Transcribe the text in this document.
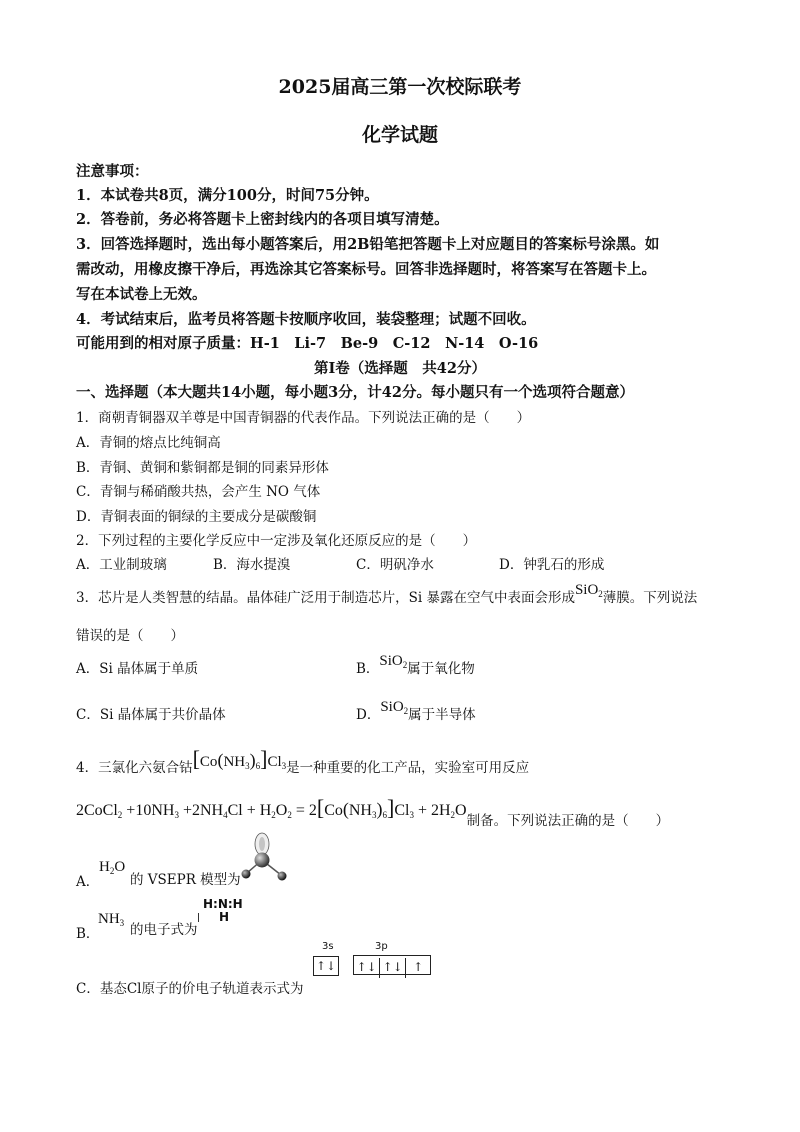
2025届高三第一次校际联考
化学试题
注意事项：
1．本试卷共8页，满分100分，时间75分钟。
2．答卷前，务必将答题卡上密封线内的各项目填写清楚。
3．回答选择题时，选出每小题答案后，用2B铅笔把答题卡上对应题目的答案标号涂黑。如
需改动，用橡皮擦干净后，再选涂其它答案标号。回答非选择题时，将答案写在答题卡上。
写在本试卷上无效。
4．考试结束后，监考员将答题卡按顺序收回，装袋整理；试题不回收。
可能用到的相对原子质量：H-1　Li-7　Be-9　C-12　N-14　O-16
第Ⅰ卷（选择题　共42分）
一、选择题（本大题共14小题，每小题3分，计42分。每小题只有一个选项符合题意）
1．商朝青铜器双羊尊是中国青铜器的代表作品。下列说法正确的是（　　）
A．青铜的熔点比纯铜高
B．青铜、黄铜和紫铜都是铜的同素异形体
C．青铜与稀硝酸共热，会产生 NO 气体
D．青铜表面的铜绿的主要成分是碳酸铜
2．下列过程的主要化学反应中一定涉及氧化还原反应的是（　　）
A．工业制玻璃	B．海水提溴	C．明矾净水	D．钟乳石的形成
3．芯片是人类智慧的结晶。晶体硅广泛用于制造芯片，Si 暴露在空气中表面会形成SiO$_2$薄膜。下列说法
错误的是（　　）
A．Si 晶体属于单质	B．SiO$_2$属于氧化物
C．Si 晶体属于共价晶体	D．SiO$_2$属于半导体
4．三氯化六氨合钴$[Co(NH_3)_6]Cl_3$是一种重要的化工产品，实验室可用反应
2CoCl$_2$ $+10NH_3 +2NH_4Cl + H_2O_2 = 2[Co(NH_3)_6]Cl_3 + 2H_2O_{制备。下列说法正确的是( )}$
A．
$H_2O$
的 VSEPR 模型为
B．
$NH_3$ 的电子式为
H:N:H
H
C．基态Cl原子的价电子轨道表示式为
3s	3p
↑↓ ↑↓ ↑↓ ↑
